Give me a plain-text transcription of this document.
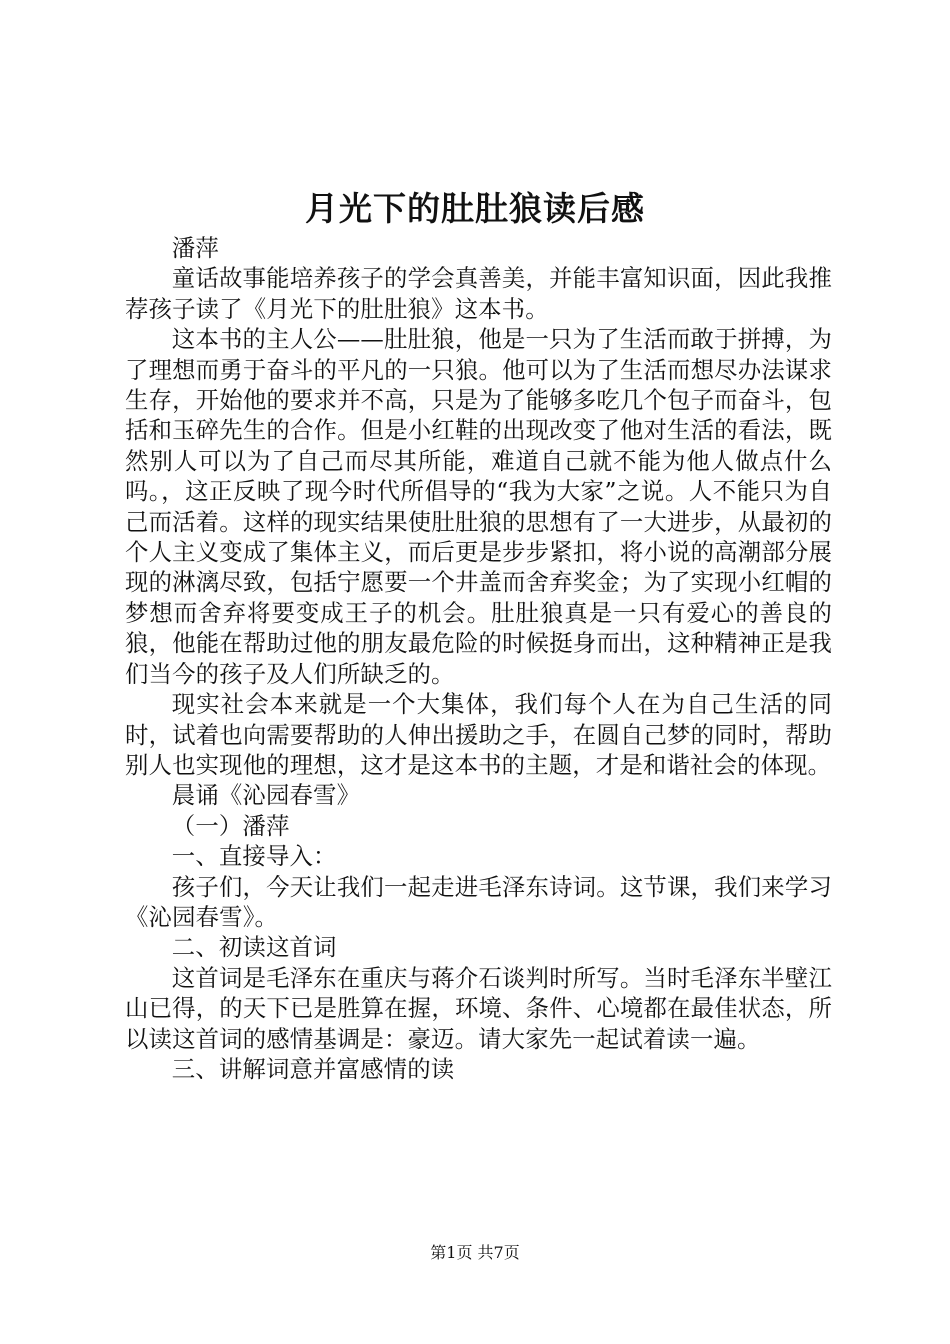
月光下的肚肚狼读后感

潘萍

童话故事能培养孩子的学会真善美，并能丰富知识面，因此我推荐孩子读了《月光下的肚肚狼》这本书。

这本书的主人公——肚肚狼，他是一只为了生活而敢于拼搏，为了理想而勇于奋斗的平凡的一只狼。他可以为了生活而想尽办法谋求生存，开始他的要求并不高，只是为了能够多吃几个包子而奋斗，包括和玉碎先生的合作。但是小红鞋的出现改变了他对生活的看法，既然别人可以为了自己而尽其所能，难道自己就不能为他人做点什么吗。，这正反映了现今时代所倡导的“我为大家”之说。人不能只为自己而活着。这样的现实结果使肚肚狼的思想有了一大进步，从最初的个人主义变成了集体主义，而后更是步步紧扣，将小说的高潮部分展现的淋漓尽致，包括宁愿要一个井盖而舍弃奖金；为了实现小红帽的梦想而舍弃将要变成王子的机会。肚肚狼真是一只有爱心的善良的狼，他能在帮助过他的朋友最危险的时候挺身而出，这种精神正是我们当今的孩子及人们所缺乏的。

现实社会本来就是一个大集体，我们每个人在为自己生活的同时，试着也向需要帮助的人伸出援助之手，在圆自己梦的同时，帮助别人也实现他的理想，这才是这本书的主题，才是和谐社会的体现。

晨诵《沁园春雪》

（一）潘萍

一、直接导入：

孩子们，今天让我们一起走进毛泽东诗词。这节课，我们来学习《沁园春雪》。

二、初读这首词

这首词是毛泽东在重庆与蒋介石谈判时所写。当时毛泽东半壁江山已得，的天下已是胜算在握，环境、条件、心境都在最佳状态，所以读这首词的感情基调是：豪迈。请大家先一起试着读一遍。

三、讲解词意并富感情的读

第1页 共7页
